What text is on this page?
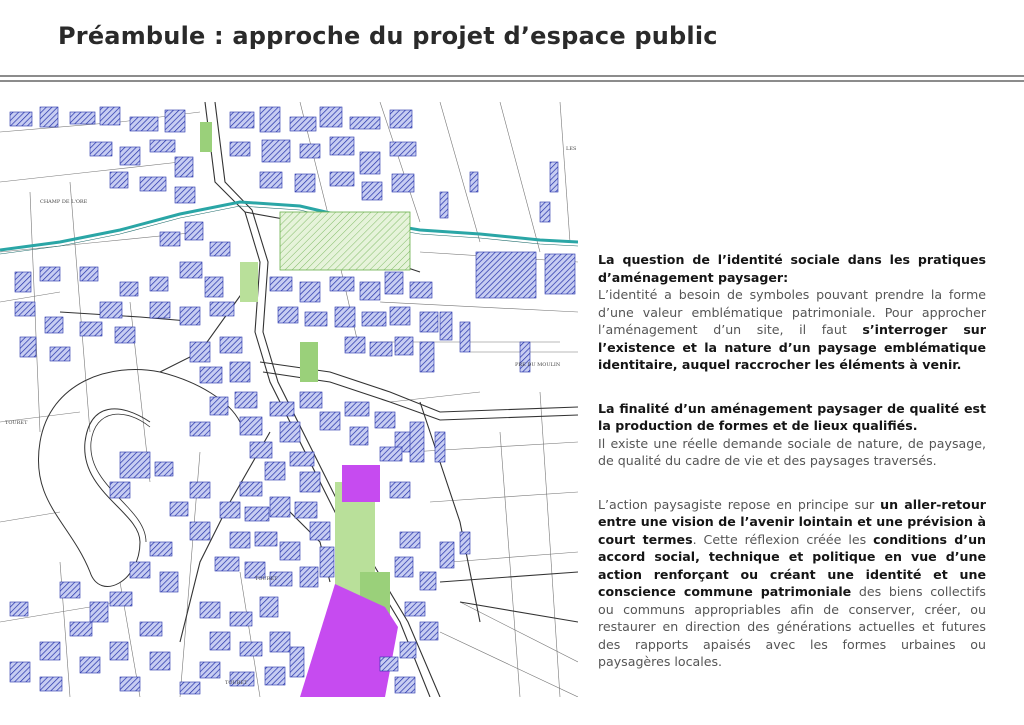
Préambule : approche du projet d’espace public
CHAMP DE L'ORE
PRE DU MOULIN
TOURET
TOURET
TOURET
LES

La question de l’identité sociale dans les pratiques d’aménagement paysager:

L’identité a besoin de symboles pouvant prendre la forme d’une valeur emblématique patrimoniale. Pour approcher l’aménagement d’un site, il faut s’interroger sur l’existence et la nature d’un paysage emblématique identitaire, auquel raccrocher les éléments à venir.

La finalité d’un aménagement paysager de qualité est la production de formes et de lieux qualifiés.

Il existe une réelle demande sociale de nature, de paysage, de qualité du cadre de vie et des paysages traversés.

L’action paysagiste repose en principe sur un aller-retour entre une vision de l’avenir lointain et une prévision à court termes. Cette réflexion créée les conditions d’un accord social, technique et politique en vue d’une action renforçant ou créant une identité et une conscience commune patrimoniale des biens collectifs ou communs appropriables afin de conserver, créer, ou restaurer en direction des générations actuelles et futures des rapports apaisés avec les formes urbaines ou paysagères locales.
